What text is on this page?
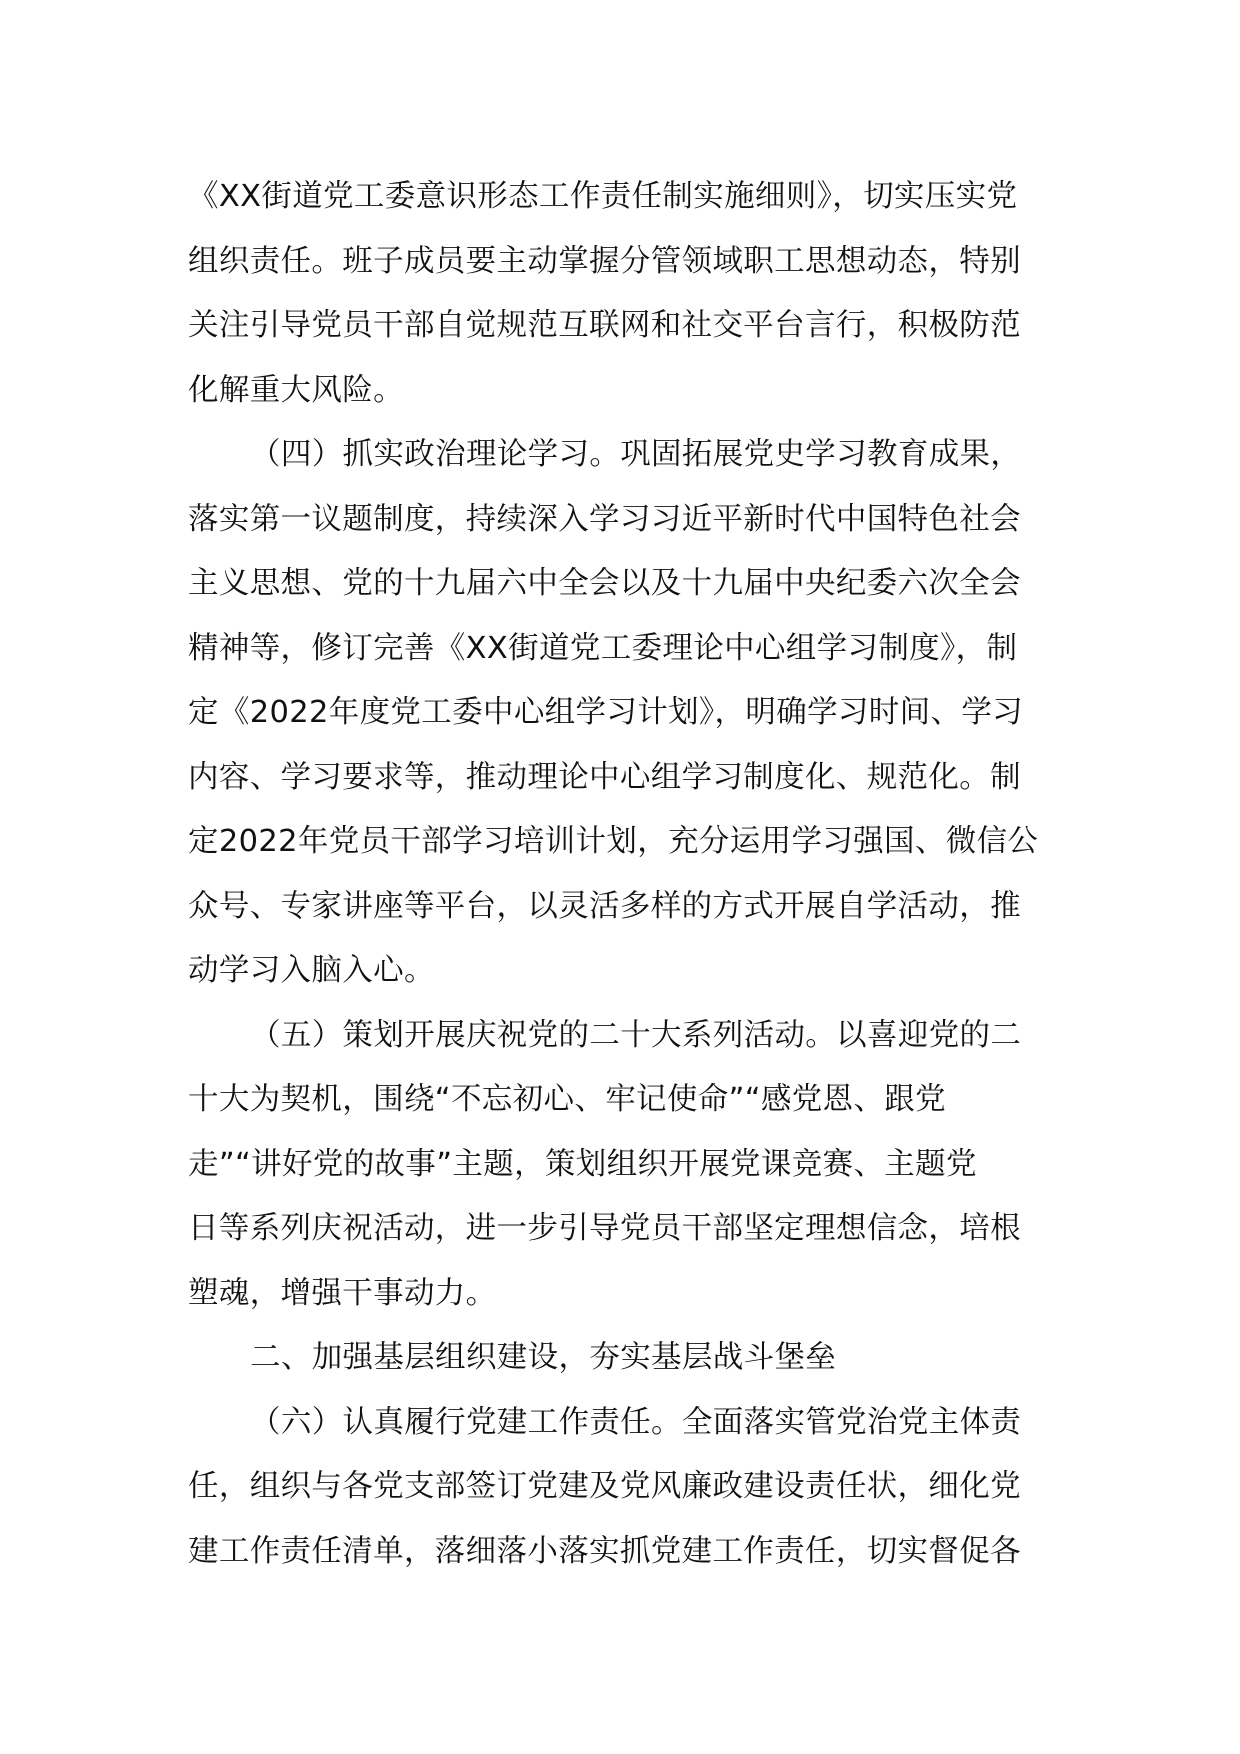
《XX街道党工委意识形态工作责任制实施细则》，切实压实党
组织责任。班子成员要主动掌握分管领域职工思想动态，特别
关注引导党员干部自觉规范互联网和社交平台言行，积极防范
化解重大风险。
（四）抓实政治理论学习。巩固拓展党史学习教育成果，
落实第一议题制度，持续深入学习习近平新时代中国特色社会
主义思想、党的十九届六中全会以及十九届中央纪委六次全会
精神等，修订完善《XX街道党工委理论中心组学习制度》，制
定《2022年度党工委中心组学习计划》，明确学习时间、学习
内容、学习要求等，推动理论中心组学习制度化、规范化。制
定2022年党员干部学习培训计划，充分运用学习强国、微信公
众号、专家讲座等平台，以灵活多样的方式开展自学活动，推
动学习入脑入心。
（五）策划开展庆祝党的二十大系列活动。以喜迎党的二
十大为契机，围绕“不忘初心、牢记使命”“感党恩、跟党
走”“讲好党的故事”主题，策划组织开展党课竞赛、主题党
日等系列庆祝活动，进一步引导党员干部坚定理想信念，培根
塑魂，增强干事动力。
二、加强基层组织建设，夯实基层战斗堡垒
（六）认真履行党建工作责任。全面落实管党治党主体责
任，组织与各党支部签订党建及党风廉政建设责任状，细化党
建工作责任清单，落细落小落实抓党建工作责任，切实督促各
